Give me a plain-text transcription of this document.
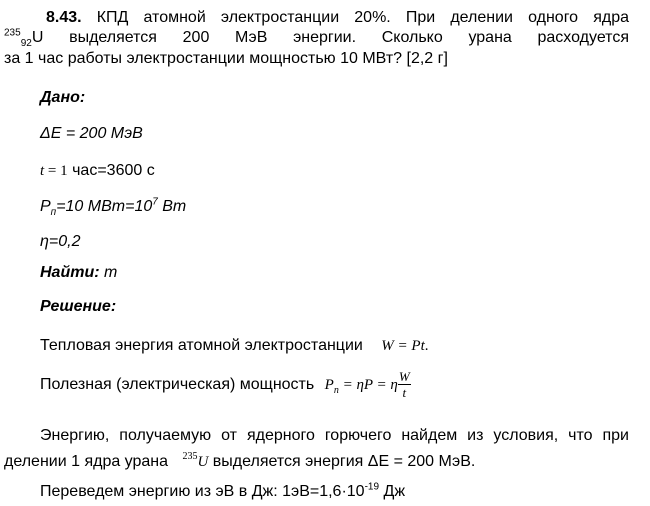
8.43. КПД атомной электростанции 20%. При делении одного ядра
$^{235}_{92}$U выделяется 200 МэВ энергии. Сколько урана расходуется
за 1 час работы электростанции мощностью 10 МВт? [2,2 г]
Дано:
ΔE = 200 МэВ
t = 1 час=3600 с
$P_п=10$ $МВт=10^7$ Вт
η=0,2
Найти: m
Решение:
Тепловая энергия атомной электростанции W = Pt.
Полезная (электрическая) мощность $P_п = \eta P = \eta \frac{W}{t}$
Энергию, получаемую от ядерного горючего найдем из условия, что при
делении 1 ядра урана $^{235}$U выделяется энергия ΔE = 200 МэВ.
Переведем энергию из эВ в Дж: $1эВ=1,6\cdot 10^{-19}$ Дж
